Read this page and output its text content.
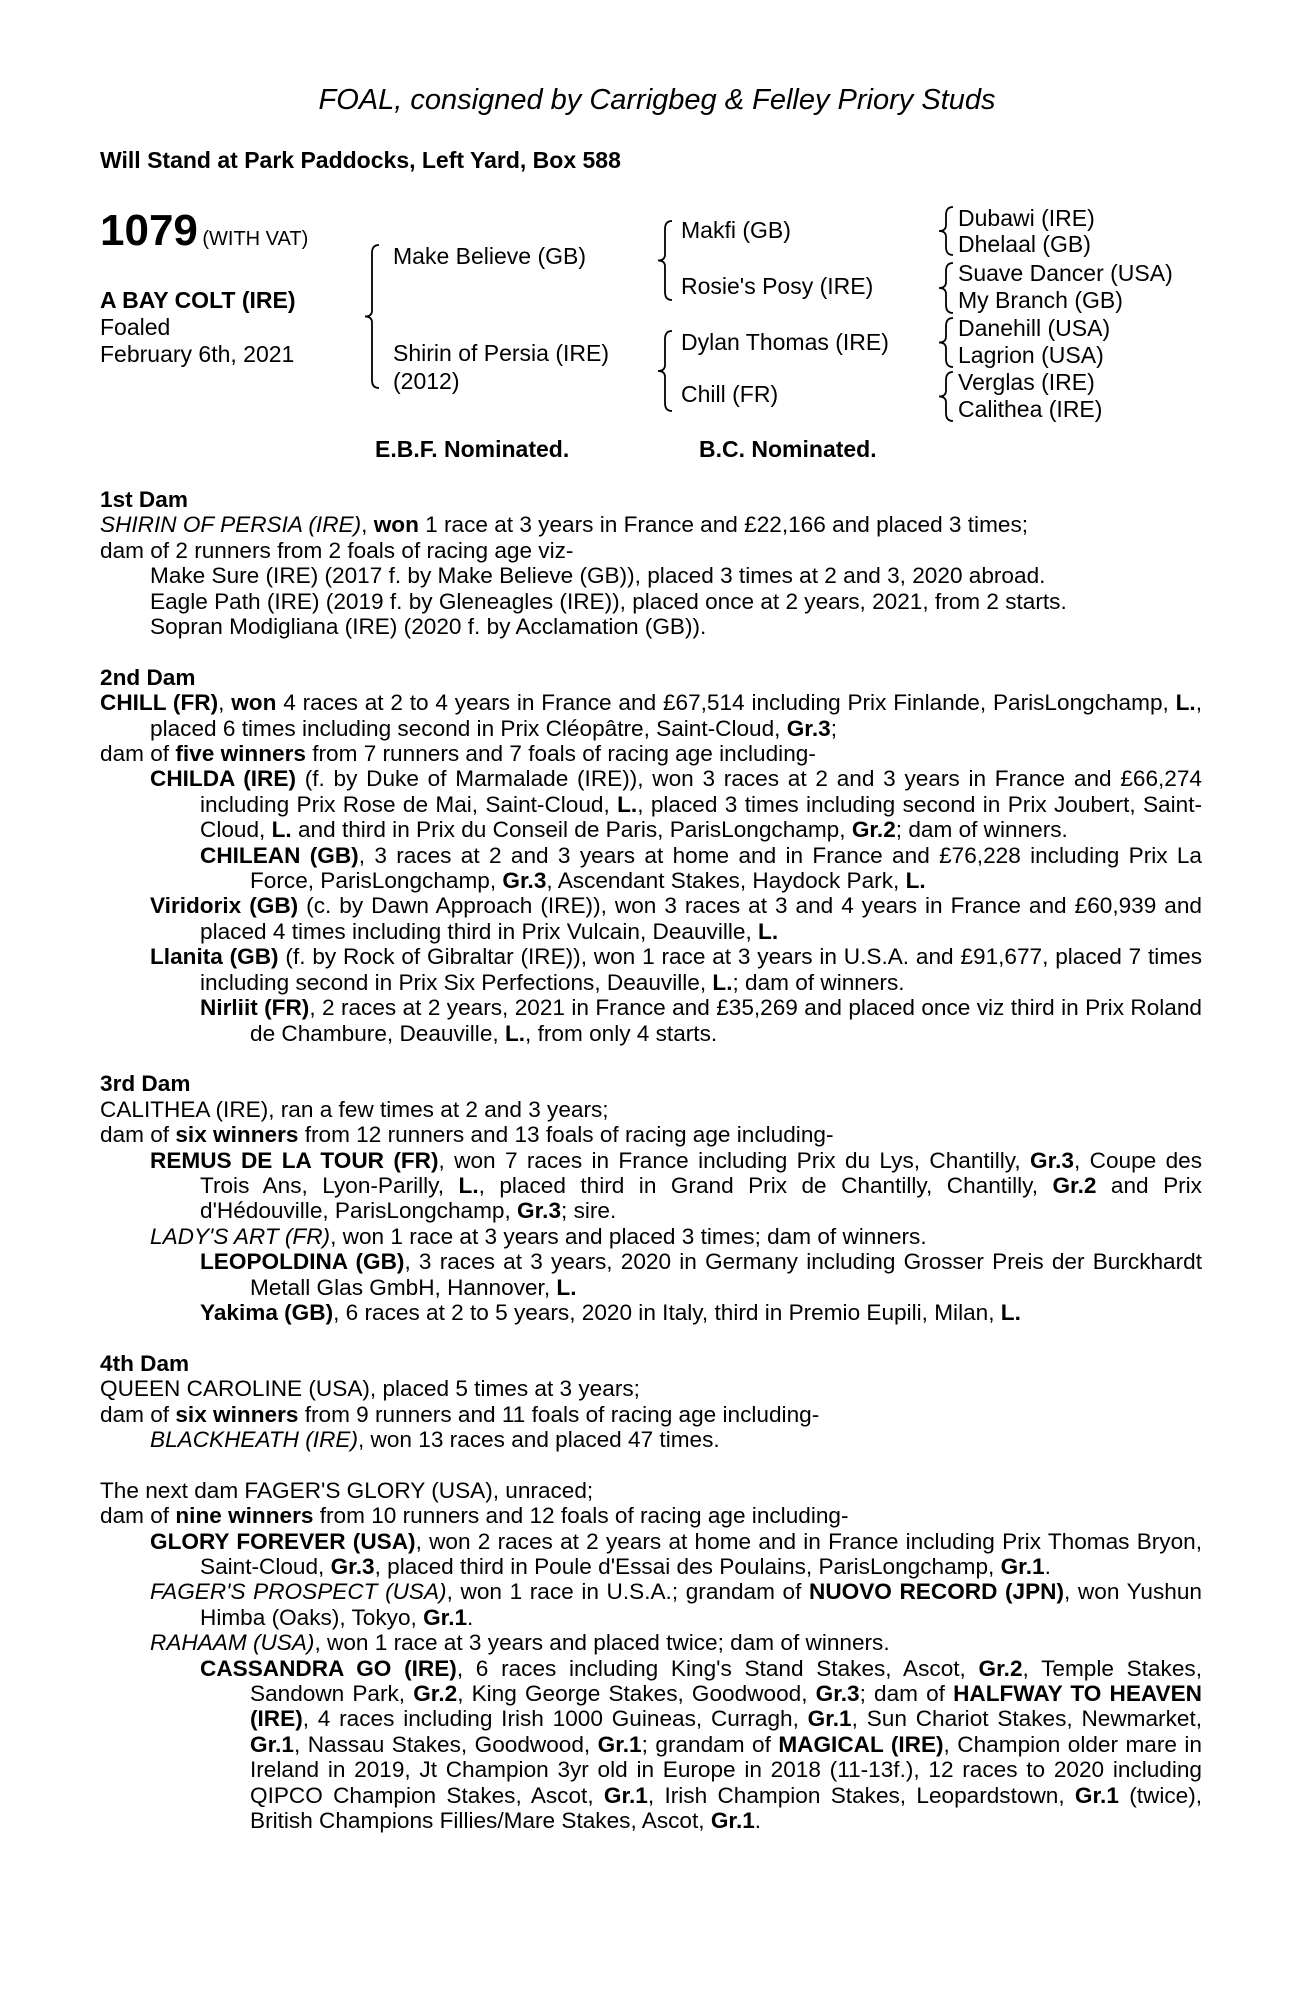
FOAL, consigned by Carrigbeg & Felley Priory Studs
Will Stand at Park Paddocks, Left Yard, Box 588
1079 (WITH VAT)
A BAY COLT (IRE)
Foaled
February 6th, 2021
Make Believe (GB)
Shirin of Persia (IRE)
(2012)
Makfi (GB)
Rosie's Posy (IRE)
Dylan Thomas (IRE)
Chill (FR)
Dubawi (IRE)
Dhelaal (GB)
Suave Dancer (USA)
My Branch (GB)
Danehill (USA)
Lagrion (USA)
Verglas (IRE)
Calithea (IRE)
E.B.F. Nominated.	B.C. Nominated.
1st Dam
SHIRIN OF PERSIA (IRE), won 1 race at 3 years in France and £22,166 and placed 3 times;
dam of 2 runners from 2 foals of racing age viz-
Make Sure (IRE) (2017 f. by Make Believe (GB)), placed 3 times at 2 and 3, 2020 abroad.
Eagle Path (IRE) (2019 f. by Gleneagles (IRE)), placed once at 2 years, 2021, from 2 starts.
Sopran Modigliana (IRE) (2020 f. by Acclamation (GB)).
2nd Dam
CHILL (FR), won 4 races at 2 to 4 years in France and £67,514 including Prix Finlande, ParisLongchamp, L., placed 6 times including second in Prix Cléopâtre, Saint-Cloud, Gr.3;
dam of five winners from 7 runners and 7 foals of racing age including-
CHILDA (IRE) (f. by Duke of Marmalade (IRE)), won 3 races at 2 and 3 years in France and £66,274 including Prix Rose de Mai, Saint-Cloud, L., placed 3 times including second in Prix Joubert, Saint-Cloud, L. and third in Prix du Conseil de Paris, ParisLongchamp, Gr.2; dam of winners.
CHILEAN (GB), 3 races at 2 and 3 years at home and in France and £76,228 including Prix La Force, ParisLongchamp, Gr.3, Ascendant Stakes, Haydock Park, L.
Viridorix (GB) (c. by Dawn Approach (IRE)), won 3 races at 3 and 4 years in France and £60,939 and placed 4 times including third in Prix Vulcain, Deauville, L.
Llanita (GB) (f. by Rock of Gibraltar (IRE)), won 1 race at 3 years in U.S.A. and £91,677, placed 7 times including second in Prix Six Perfections, Deauville, L.; dam of winners.
Nirliit (FR), 2 races at 2 years, 2021 in France and £35,269 and placed once viz third in Prix Roland de Chambure, Deauville, L., from only 4 starts.
3rd Dam
CALITHEA (IRE), ran a few times at 2 and 3 years;
dam of six winners from 12 runners and 13 foals of racing age including-
REMUS DE LA TOUR (FR), won 7 races in France including Prix du Lys, Chantilly, Gr.3, Coupe des Trois Ans, Lyon-Parilly, L., placed third in Grand Prix de Chantilly, Chantilly, Gr.2 and Prix d'Hédouville, ParisLongchamp, Gr.3; sire.
LADY'S ART (FR), won 1 race at 3 years and placed 3 times; dam of winners.
LEOPOLDINA (GB), 3 races at 3 years, 2020 in Germany including Grosser Preis der Burckhardt Metall Glas GmbH, Hannover, L.
Yakima (GB), 6 races at 2 to 5 years, 2020 in Italy, third in Premio Eupili, Milan, L.
4th Dam
QUEEN CAROLINE (USA), placed 5 times at 3 years;
dam of six winners from 9 runners and 11 foals of racing age including-
BLACKHEATH (IRE), won 13 races and placed 47 times.
The next dam FAGER'S GLORY (USA), unraced;
dam of nine winners from 10 runners and 12 foals of racing age including-
GLORY FOREVER (USA), won 2 races at 2 years at home and in France including Prix Thomas Bryon, Saint-Cloud, Gr.3, placed third in Poule d'Essai des Poulains, ParisLongchamp, Gr.1.
FAGER'S PROSPECT (USA), won 1 race in U.S.A.; grandam of NUOVO RECORD (JPN), won Yushun Himba (Oaks), Tokyo, Gr.1.
RAHAAM (USA), won 1 race at 3 years and placed twice; dam of winners.
CASSANDRA GO (IRE), 6 races including King's Stand Stakes, Ascot, Gr.2, Temple Stakes, Sandown Park, Gr.2, King George Stakes, Goodwood, Gr.3; dam of HALFWAY TO HEAVEN (IRE), 4 races including Irish 1000 Guineas, Curragh, Gr.1, Sun Chariot Stakes, Newmarket, Gr.1, Nassau Stakes, Goodwood, Gr.1; grandam of MAGICAL (IRE), Champion older mare in Ireland in 2019, Jt Champion 3yr old in Europe in 2018 (11-13f.), 12 races to 2020 including QIPCO Champion Stakes, Ascot, Gr.1, Irish Champion Stakes, Leopardstown, Gr.1 (twice), British Champions Fillies/Mare Stakes, Ascot, Gr.1.
